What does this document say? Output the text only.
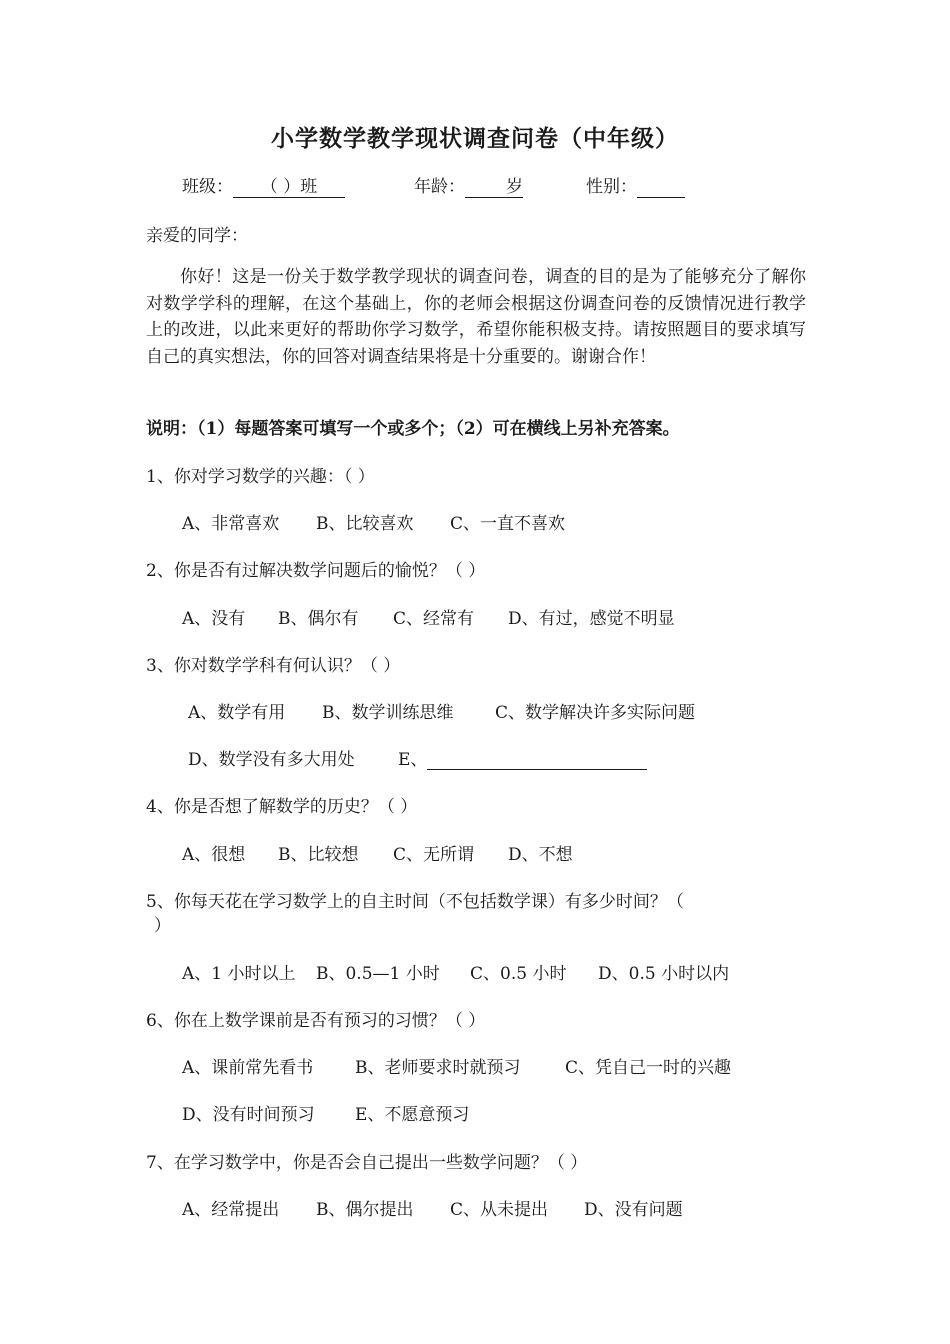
小学数学教学现状调查问卷（中年级）
班级： （ ）班	年龄： 岁	性别：
亲爱的同学：
你好！这是一份关于数学教学现状的调查问卷，调查的目的是为了能够充分了解你对数学学科的理解，在这个基础上，你的老师会根据这份调查问卷的反馈情况进行教学上的改进，以此来更好的帮助你学习数学，希望你能积极支持。请按照题目的要求填写自己的真实想法，你的回答对调查结果将是十分重要的。谢谢合作！
说明：（1）每题答案可填写一个或多个；（2）可在横线上另补充答案。
1、你对学习数学的兴趣：（ ）
A、非常喜欢 B、比较喜欢 C、一直不喜欢
2、你是否有过解决数学问题后的愉悦？（ ）
A、没有 B、偶尔有 C、经常有 D、有过，感觉不明显
3、你对数学学科有何认识？（ ）
A、数学有用 B、数学训练思维 C、数学解决许多实际问题
D、数学没有多大用处	E、
4、你是否想了解数学的历史？（ ）
A、很想 B、比较想 C、无所谓 D、不想
5、你每天花在学习数学上的自主时间（不包括数学课）有多少时间？（
）
A、1 小时以上 B、0.5—1 小时 C、0.5 小时 D、0.5 小时以内
6、你在上数学课前是否有预习的习惯？（ ）
A、课前常先看书 B、老师要求时就预习	C、凭自己一时的兴趣
D、没有时间预习 E、不愿意预习
7、在学习数学中，你是否会自己提出一些数学问题？（ ）
A、经常提出 B、偶尔提出 C、从未提出 D、没有问题
